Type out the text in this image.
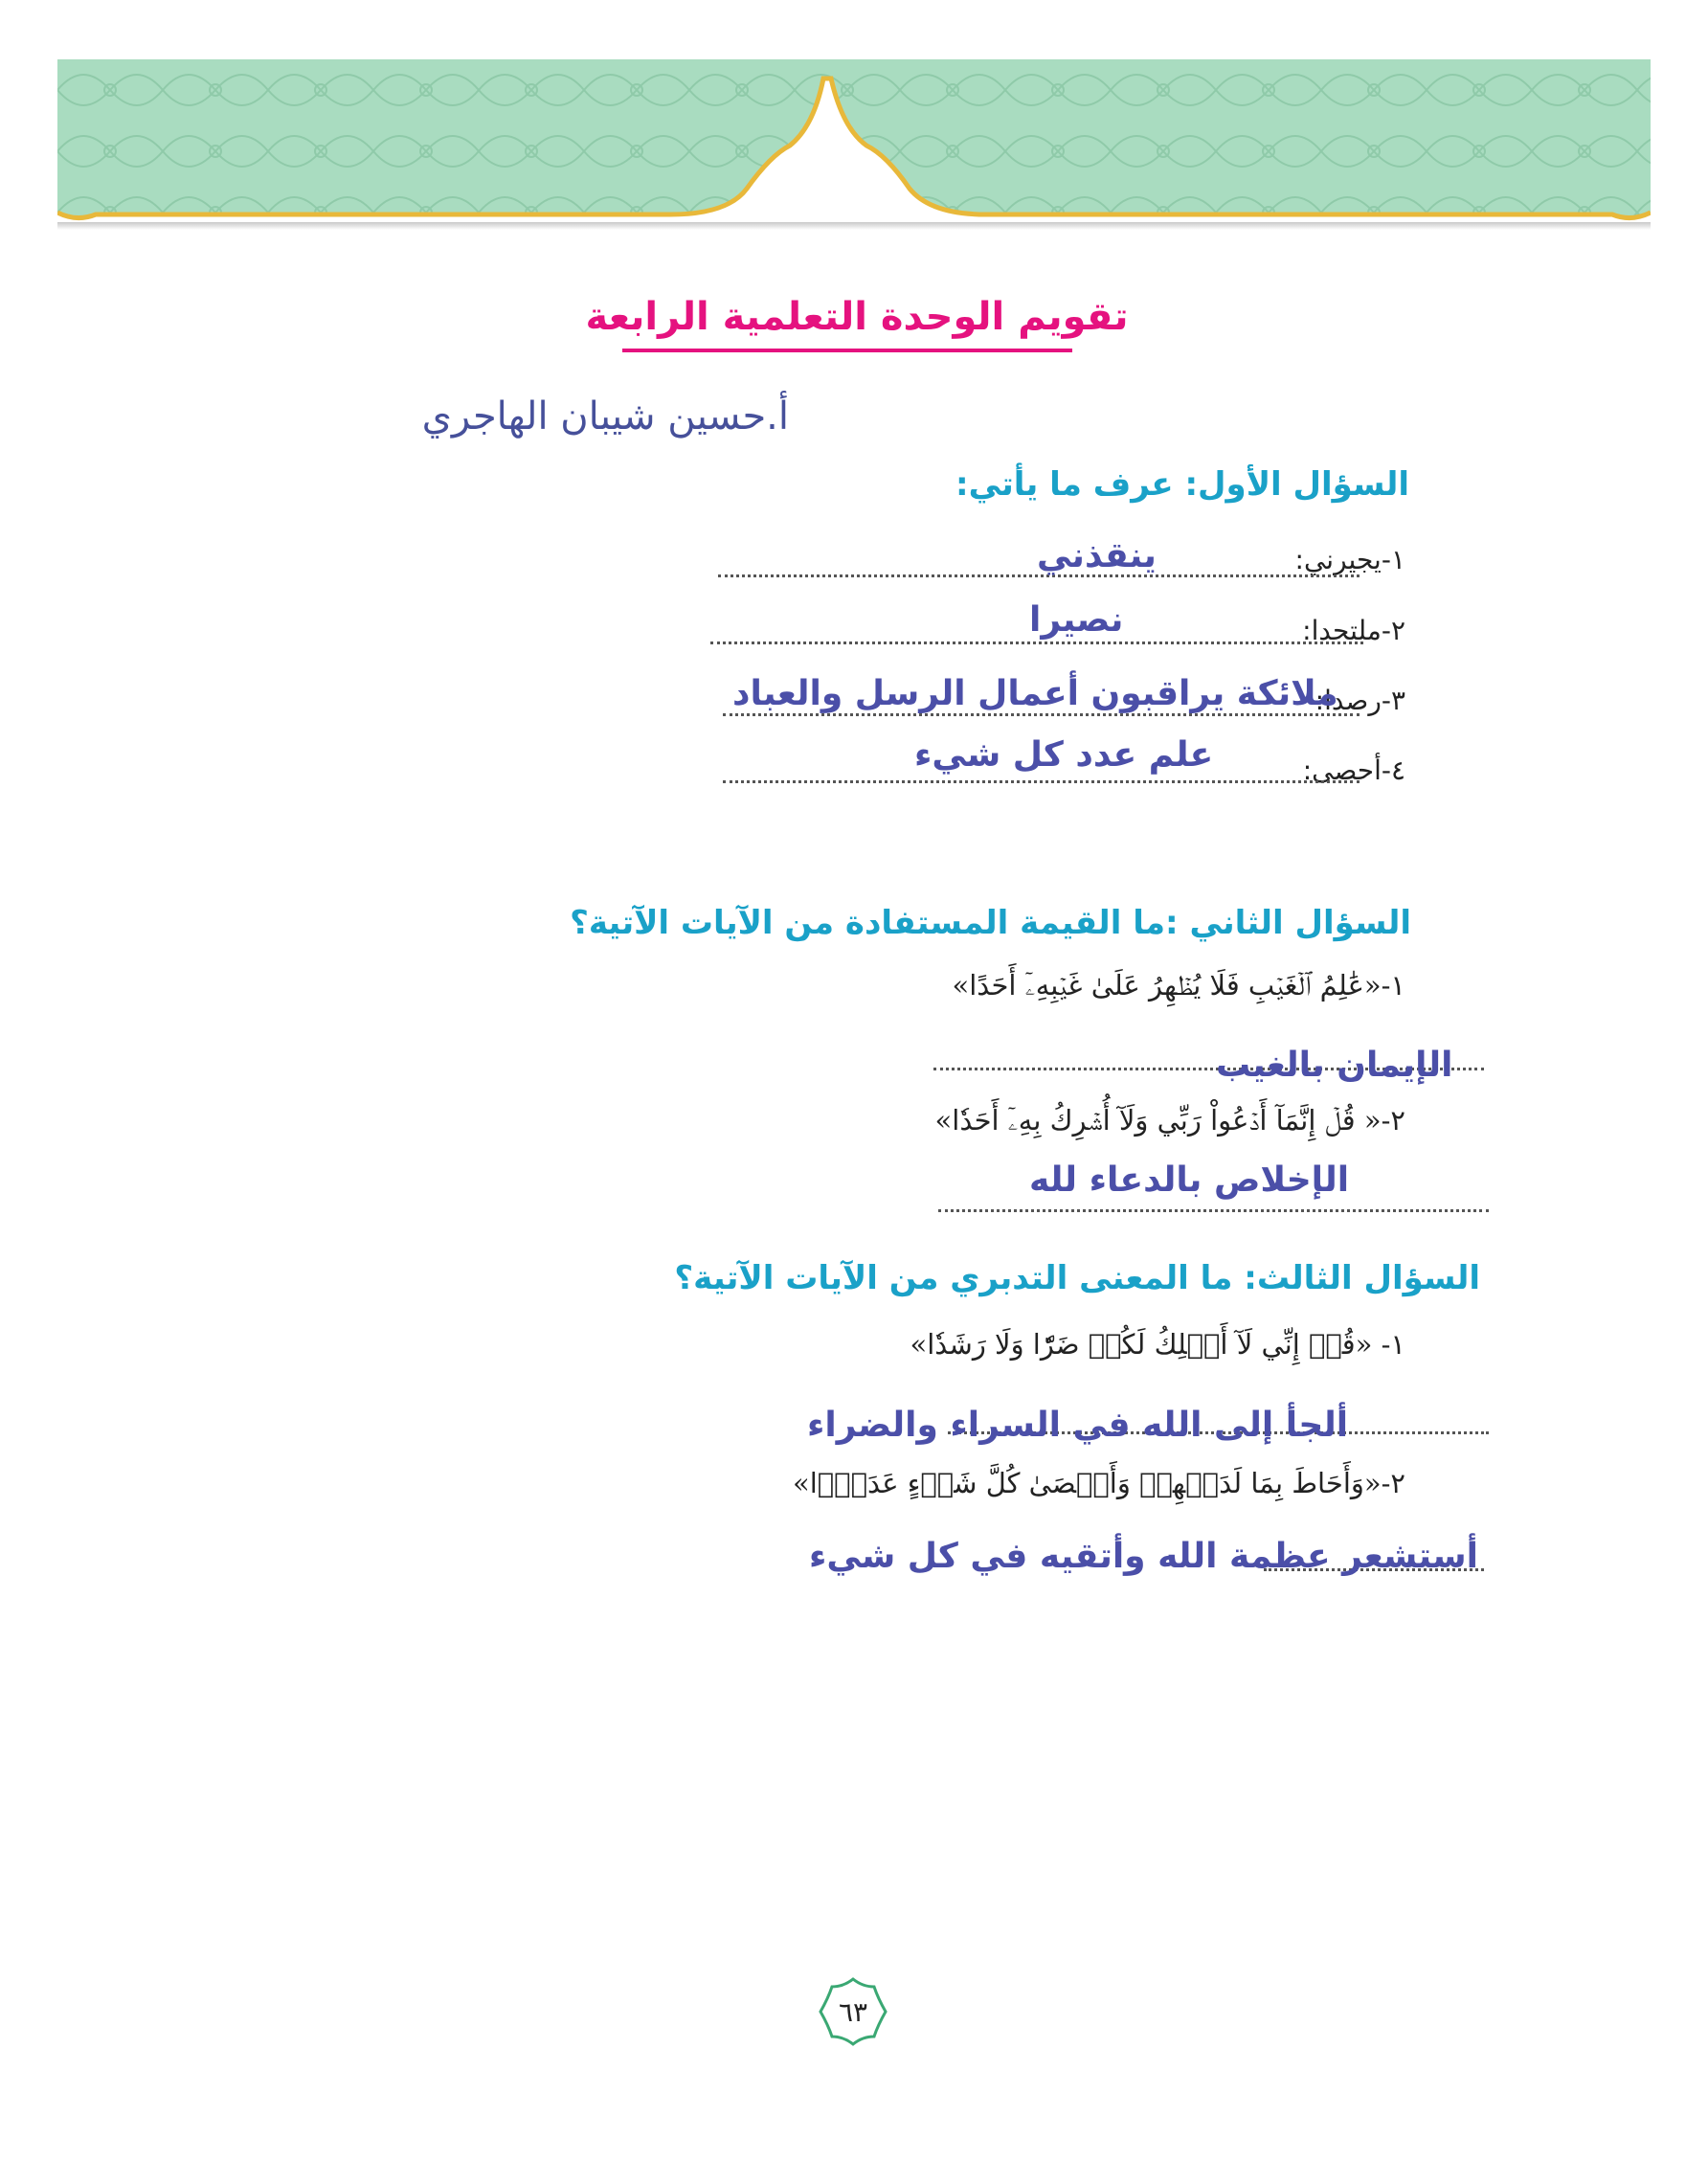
تقويم الوحدة التعلمية الرابعة
أ.حسين شيبان الهاجري
السؤال الأول: عرف ما يأتي:
١-يجيرني:
ينقذني
٢-ملتحدا:
نصيرا
٣-رصدا:
ملائكة يراقبون أعمال الرسل والعباد
٤-أحصى:
علم عدد كل شيء
السؤال الثاني :ما القيمة المستفادة من الآيات الآتية؟
١-«عَٰلِمُ ٱلۡغَيۡبِ فَلَا يُظۡهِرُ عَلَىٰ غَيۡبِهِۦٓ أَحَدًا»
الإيمان بالغيب
٢-« قُلۡ إِنَّمَآ أَدۡعُواْ رَبِّي وَلَآ أُشۡرِكُ بِهِۦٓ أَحَدٗا»
الإخلاص بالدعاء لله
السؤال الثالث: ما المعنى التدبري من الآيات الآتية؟
١- «قُلۡ إِنِّي لَآ أَمۡلِكُ لَكُمۡ ضَرّٗا وَلَا رَشَدٗا»
ألجأ إلى الله في السراء والضراء
٢-«وَأَحَاطَ بِمَا لَدَيۡهِمۡ وَأَحۡصَىٰ كُلَّ شَيۡءٍ عَدَدَۢا»
أستشعر عظمة الله وأتقيه في كل شيء
٦٣
